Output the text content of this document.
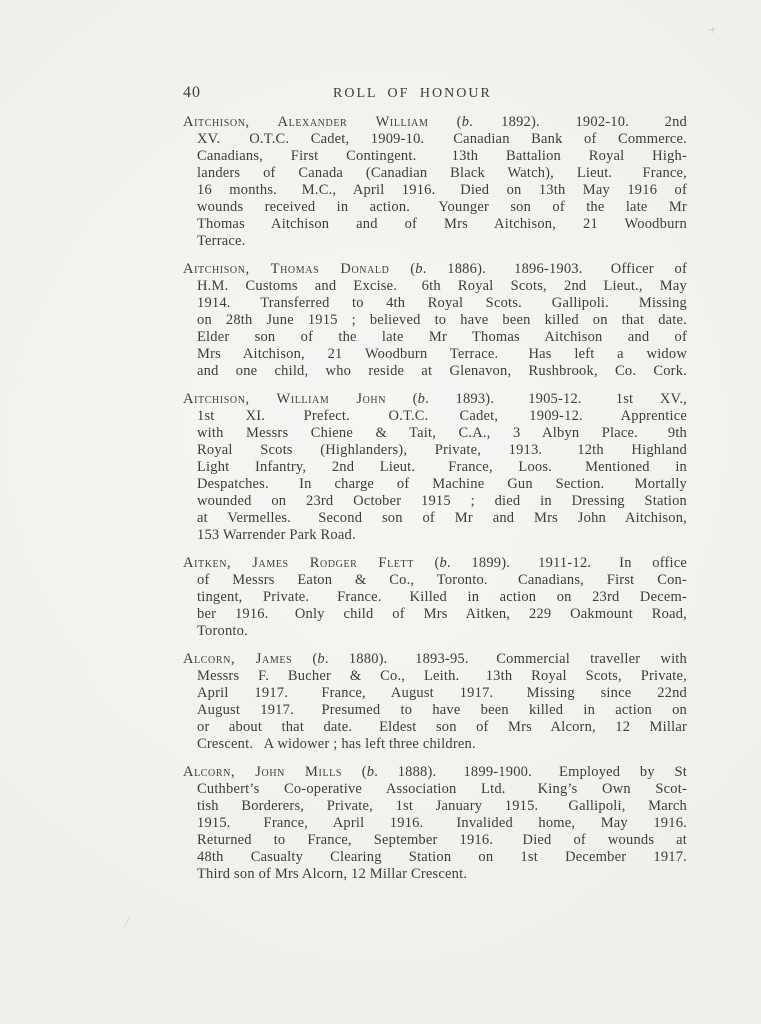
40	ROLL OF HONOUR
Aitchison, Alexander William (b. 1892).  1902-10.  2nd
XV.  O.T.C. Cadet, 1909-10.  Canadian Bank of Commerce.
Canadians, First Contingent.  13th Battalion Royal High-
landers of Canada (Canadian Black Watch), Lieut.  France,
16 months.  M.C., April 1916.  Died on 13th May 1916 of
wounds received in action.  Younger son of the late Mr
Thomas Aitchison and of Mrs Aitchison, 21 Woodburn
Terrace.
Aitchison, Thomas Donald (b. 1886).  1896-1903.  Officer of
H.M. Customs and Excise.  6th Royal Scots, 2nd Lieut., May
1914.  Transferred to 4th Royal Scots.  Gallipoli.  Missing
on 28th June 1915 ; believed to have been killed on that date.
Elder son of the late Mr Thomas Aitchison and of
Mrs Aitchison, 21 Woodburn Terrace.  Has left a widow
and one child, who reside at Glenavon, Rushbrook, Co. Cork.
Aitchison, William John (b. 1893).  1905-12.  1st XV.,
1st XI.  Prefect.  O.T.C. Cadet, 1909-12.  Apprentice
with Messrs Chiene & Tait, C.A., 3 Albyn Place.  9th
Royal Scots (Highlanders), Private, 1913.  12th Highland
Light Infantry, 2nd Lieut.  France, Loos.  Mentioned in
Despatches.  In charge of Machine Gun Section.  Mortally
wounded on 23rd October 1915 ; died in Dressing Station
at Vermelles.  Second son of Mr and Mrs John Aitchison,
153 Warrender Park Road.
Aitken, James Rodger Flett (b. 1899).  1911-12.  In office
of Messrs Eaton & Co., Toronto.  Canadians, First Con-
tingent, Private.  France.  Killed in action on 23rd Decem-
ber 1916.  Only child of Mrs Aitken, 229 Oakmount Road,
Toronto.
Alcorn, James (b. 1880).  1893-95.  Commercial traveller with
Messrs F. Bucher & Co., Leith.  13th Royal Scots, Private,
April 1917.  France, August 1917.  Missing since 22nd
August 1917.  Presumed to have been killed in action on
or about that date.  Eldest son of Mrs Alcorn, 12 Millar
Crescent.  A widower ; has left three children.
Alcorn, John Mills (b. 1888).  1899-1900.  Employed by St
Cuthbert’s Co-operative Association Ltd.  King’s Own Scot-
tish Borderers, Private, 1st January 1915.  Gallipoli, March
1915.  France, April 1916.  Invalided home, May 1916.
Returned to France, September 1916.  Died of wounds at
48th Casualty Clearing Station on 1st December 1917.
Third son of Mrs Alcorn, 12 Millar Crescent.
